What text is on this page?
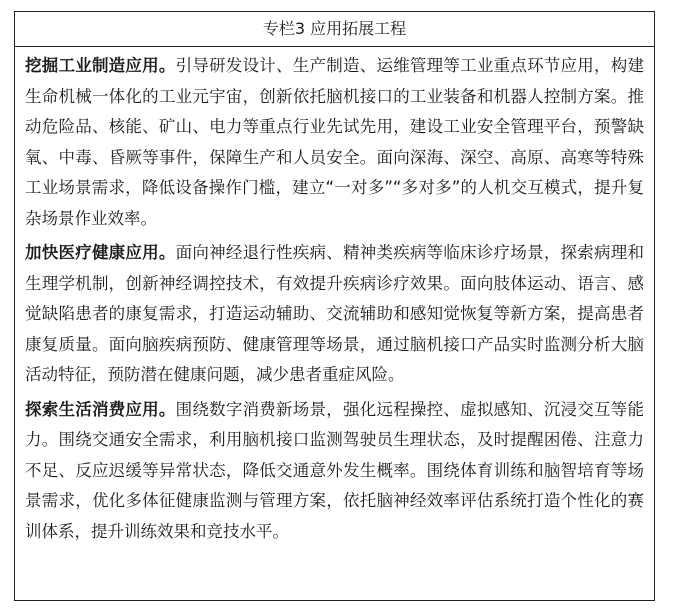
专栏3 应用拓展工程

挖掘工业制造应用。引导研发设计、生产制造、运维管理等工业重点环节应用，构建生命机械一体化的工业元宇宙，创新依托脑机接口的工业装备和机器人控制方案。推动危险品、核能、矿山、电力等重点行业先试先用，建设工业安全管理平台，预警缺氧、中毒、昏厥等事件，保障生产和人员安全。面向深海、深空、高原、高寒等特殊工业场景需求，降低设备操作门槛，建立“一对多”“多对多”的人机交互模式，提升复杂场景作业效率。

加快医疗健康应用。面向神经退行性疾病、精神类疾病等临床诊疗场景，探索病理和生理学机制，创新神经调控技术，有效提升疾病诊疗效果。面向肢体运动、语言、感觉缺陷患者的康复需求，打造运动辅助、交流辅助和感知觉恢复等新方案，提高患者康复质量。面向脑疾病预防、健康管理等场景，通过脑机接口产品实时监测分析大脑活动特征，预防潜在健康问题，减少患者重症风险。

探索生活消费应用。围绕数字消费新场景，强化远程操控、虚拟感知、沉浸交互等能力。围绕交通安全需求，利用脑机接口监测驾驶员生理状态，及时提醒困倦、注意力不足、反应迟缓等异常状态，降低交通意外发生概率。围绕体育训练和脑智培育等场景需求，优化多体征健康监测与管理方案，依托脑神经效率评估系统打造个性化的赛训体系，提升训练效果和竞技水平。
